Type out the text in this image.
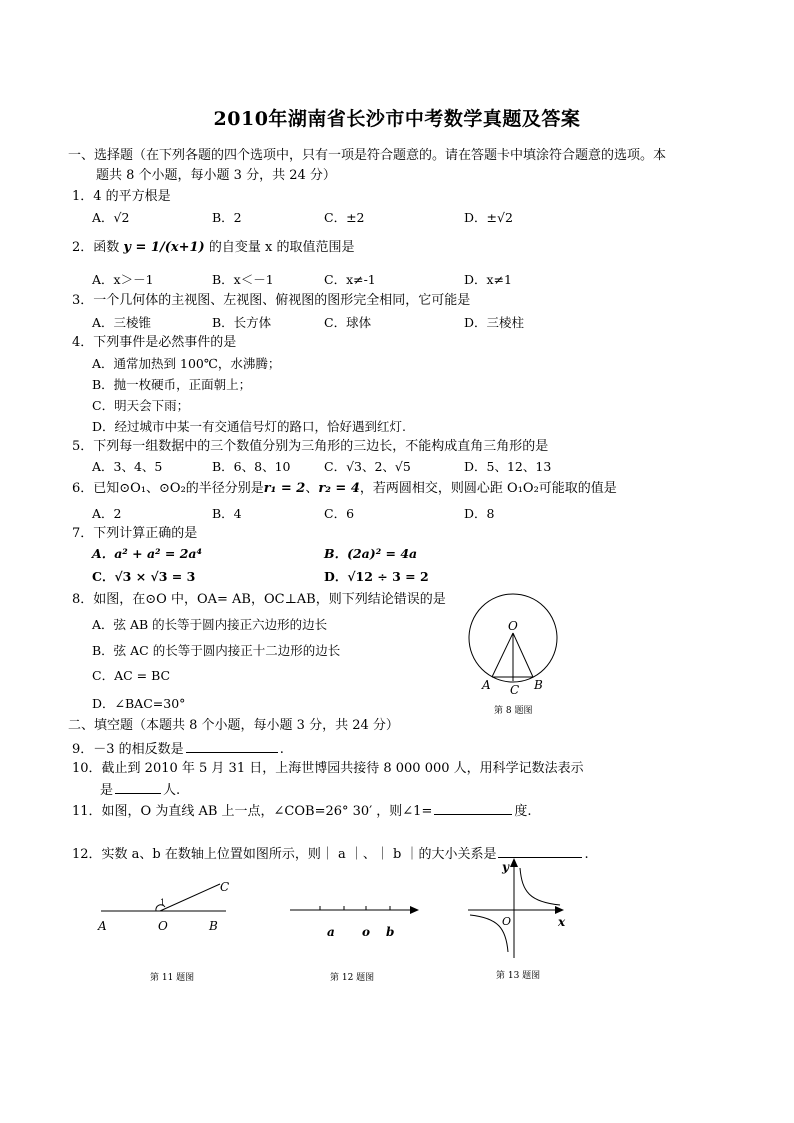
2010年湖南省长沙市中考数学真题及答案
一、选择题（在下列各题的四个选项中，只有一项是符合题意的。请在答题卡中填涂符合题意的选项。本
题共 8 个小题，每小题 3 分，共 24 分）
1．4 的平方根是
A．√2	B．2	C．±2	D．±√2
2．函数 y = 1/(x+1) 的自变量 x 的取值范围是
A．x＞－1	B．x＜－1	C．x≠-1	D．x≠1
3．一个几何体的主视图、左视图、俯视图的图形完全相同，它可能是
A．三棱锥	B．长方体	C．球体	D．三棱柱
4．下列事件是必然事件的是
A．通常加热到 100℃，水沸腾；
B．抛一枚硬币，正面朝上；
C．明天会下雨；
D．经过城市中某一有交通信号灯的路口，恰好遇到红灯.
5．下列每一组数据中的三个数值分别为三角形的三边长，不能构成直角三角形的是
A．3、4、5	B．6、8、10	C．√3、2、√5	D．5、12、13
6．已知⊙O₁、⊙O₂的半径分别是r₁ = 2、r₂ = 4，若两圆相交，则圆心距 O₁O₂可能取的值是
A．2	B．4	C．6	D．8
7．下列计算正确的是
A．a² + a² = 2a⁴	B．(2a)² = 4a
C．√3 × √3 = 3	D．√12 ÷ 3 = 2
8．如图，在⊙O 中，OA= AB，OC⊥AB，则下列结论错误的是
A．弦 AB 的长等于圆内接正六边形的边长
B．弦 AC 的长等于圆内接正十二边形的边长
C．AC = BC
D．∠BAC=30°
O
A C B
第 8 题图
二、填空题（本题共 8 个小题，每小题 3 分，共 24 分）
9．－3 的相反数是	.
10．截止到 2010 年 5 月 31 日，上海世博园共接待 8 000 000 人，用科学记数法表示
是	人.
11．如图，O 为直线 AB 上一点，∠COB=26° 30′ ，则∠1=	度.
12．实数 a、b 在数轴上位置如图所示，则｜ a ｜、｜ b ｜的大小关系是	.
1
A	O	B
C
第 11 题图
a o b
第 12 题图
y
O	x
第 13 题图
